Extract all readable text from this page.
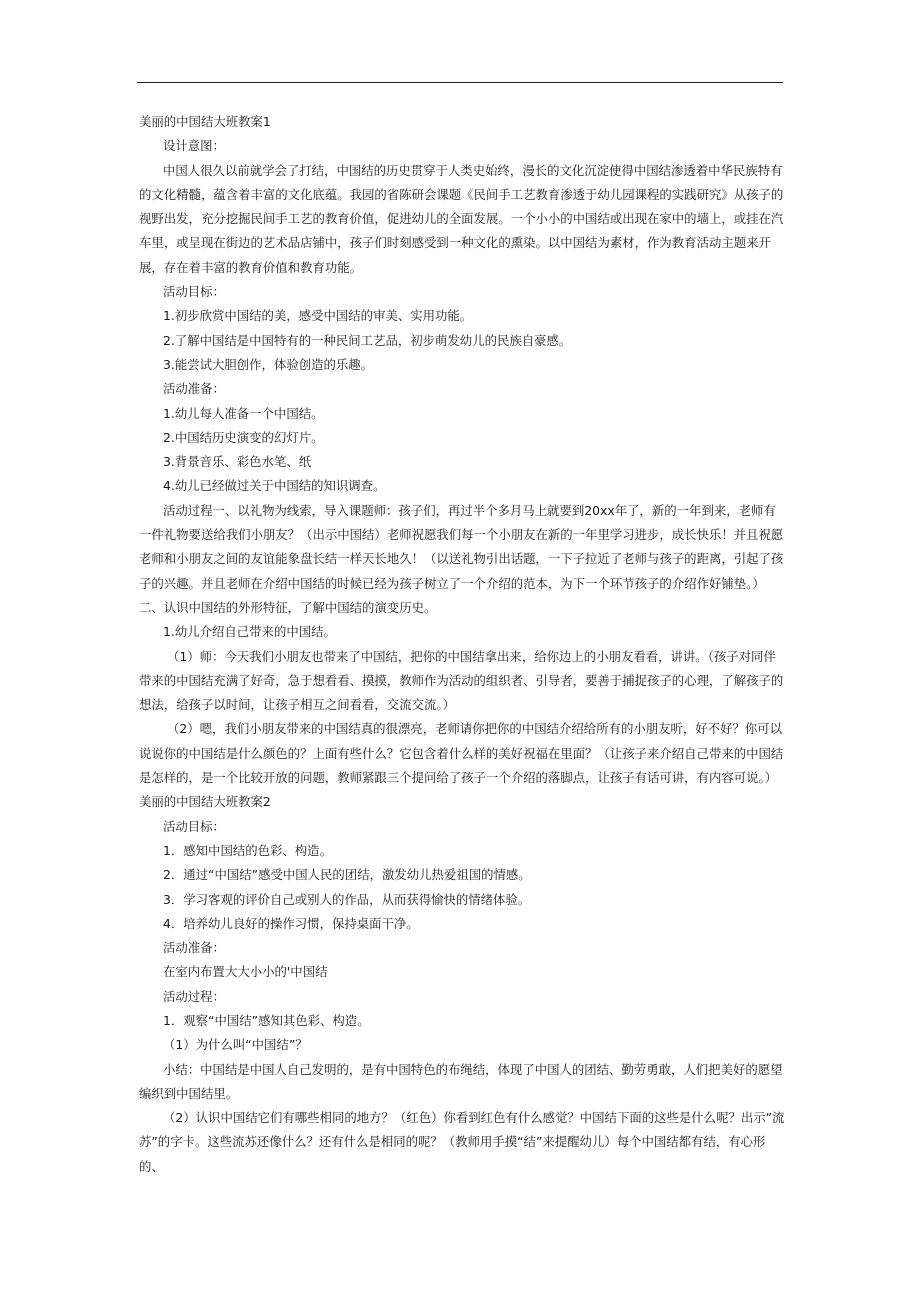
美丽的中国结大班教案1

设计意图：

中国人很久以前就学会了打结，中国结的历史贯穿于人类史始终，漫长的文化沉淀使得中国结渗透着中华民族特有的文化精髓，蕴含着丰富的文化底蕴。我园的省陈研会课题《民间手工艺教育渗透于幼儿园课程的实践研究》从孩子的视野出发，充分挖掘民间手工艺的教育价值，促进幼儿的全面发展。一个小小的中国结或出现在家中的墙上，或挂在汽车里，或呈现在街边的艺术品店铺中，孩子们时刻感受到一种文化的熏染。以中国结为素材，作为教育活动主题来开展，存在着丰富的教育价值和教育功能。

活动目标：

1.初步欣赏中国结的美，感受中国结的审美、实用功能。

2.了解中国结是中国特有的一种民间工艺品，初步萌发幼儿的民族自豪感。

3.能尝试大胆创作，体验创造的乐趣。

活动准备：

1.幼儿每人准备一个中国结。

2.中国结历史演变的幻灯片。

3.背景音乐、彩色水笔、纸

4.幼儿已经做过关于中国结的知识调查。

活动过程一、以礼物为线索，导入课题师：孩子们，再过半个多月马上就要到20xx年了，新的一年到来，老师有一件礼物要送给我们小朋友？（出示中国结）老师祝愿我们每一个小朋友在新的一年里学习进步，成长快乐！并且祝愿老师和小朋友之间的友谊能象盘长结一样天长地久！（以送礼物引出话题，一下子拉近了老师与孩子的距离，引起了孩子的兴趣。并且老师在介绍中国结的时候已经为孩子树立了一个介绍的范本，为下一个环节孩子的介绍作好铺垫。）二、认识中国结的外形特征，了解中国结的演变历史。

1.幼儿介绍自己带来的中国结。

（1）师：今天我们小朋友也带来了中国结，把你的中国结拿出来，给你边上的小朋友看看，讲讲。（孩子对同伴带来的中国结充满了好奇，急于想看看、摸摸，教师作为活动的组织者、引导者，要善于捕捉孩子的心理，了解孩子的想法，给孩子以时间，让孩子相互之间看看，交流交流。）

（2）嗯，我们小朋友带来的中国结真的很漂亮，老师请你把你的中国结介绍给所有的小朋友听，好不好？你可以说说你的中国结是什么颜色的？上面有些什么？它包含着什么样的美好祝福在里面？（让孩子来介绍自己带来的中国结是怎样的，是一个比较开放的问题，教师紧跟三个提问给了孩子一个介绍的落脚点，让孩子有话可讲，有内容可说。）

美丽的中国结大班教案2

活动目标：

1．感知中国结的色彩、构造。

2．通过“中国结”感受中国人民的团结，激发幼儿热爱祖国的情感。

3．学习客观的评价自己或别人的作品，从而获得愉快的情绪体验。

4．培养幼儿良好的操作习惯，保持桌面干净。

活动准备：

在室内布置大大小小的'中国结

活动过程：

1．观察“中国结”感知其色彩、构造。

（1）为什么叫“中国结”？

小结：中国结是中国人自己发明的，是有中国特色的布绳结，体现了中国人的团结、勤劳勇敢，人们把美好的愿望编织到中国结里。

（2）认识中国结它们有哪些相同的地方？（红色）你看到红色有什么感觉？中国结下面的这些是什么呢？出示”流苏”的字卡。这些流苏还像什么？还有什么是相同的呢？（教师用手摸“结”来提醒幼儿）每个中国结都有结，有心形的、
